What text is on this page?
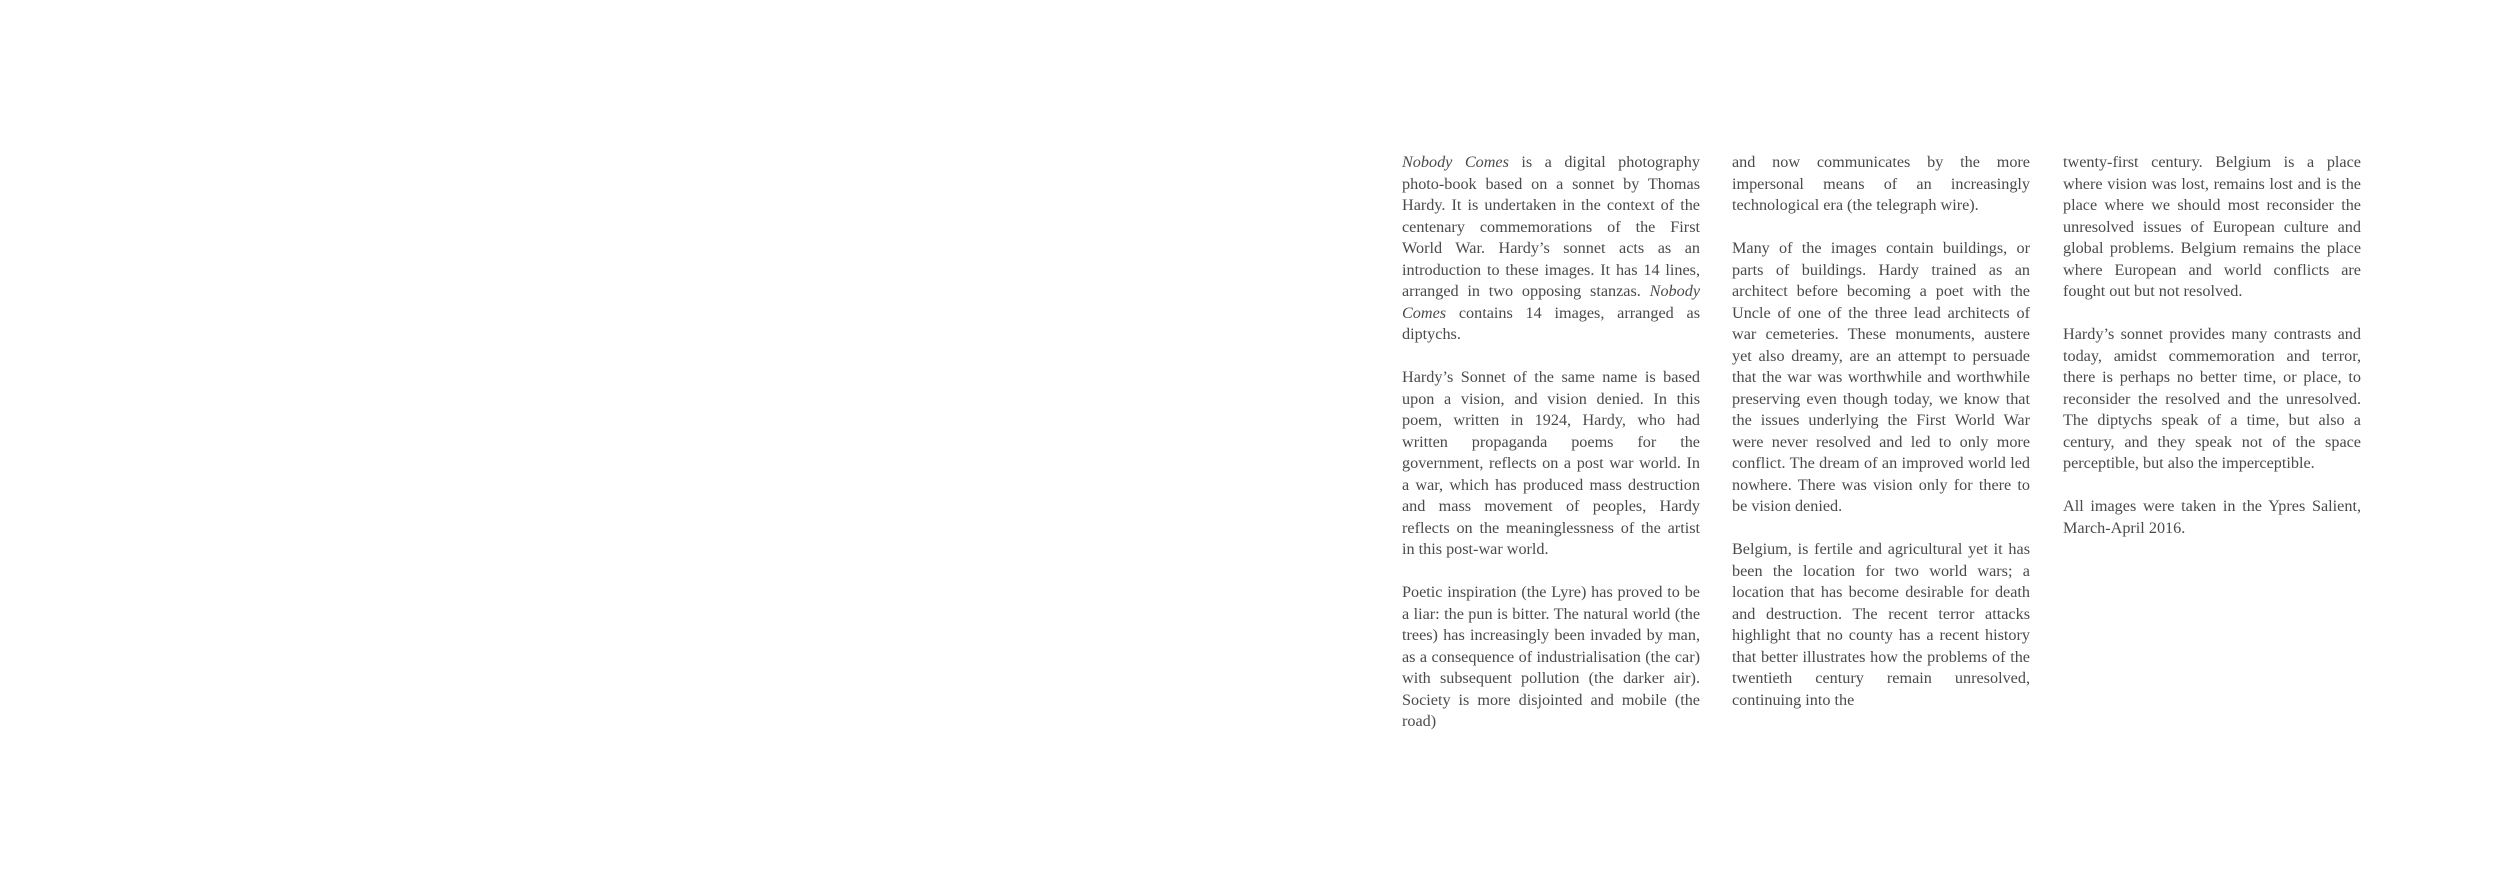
Nobody Comes is a digital photography photo-book based on a sonnet by Thomas Hardy. It is undertaken in the context of the centenary commemorations of the First World War. Hardy’s sonnet acts as an introduction to these images. It has 14 lines, arranged in two opposing stanzas. Nobody Comes contains 14 images, arranged as diptychs.

Hardy’s Sonnet of the same name is based upon a vision, and vision denied. In this poem, written in 1924, Hardy, who had written propaganda poems for the government, reflects on a post war world. In a war, which has produced mass destruction and mass movement of peoples, Hardy reflects on the meaninglessness of the artist in this post-war world.

Poetic inspiration (the Lyre) has proved to be a liar: the pun is bitter. The natural world (the trees) has increasingly been invaded by man, as a consequence of industrialisation (the car) with subsequent pollution (the darker air). Society is more disjointed and mobile (the road)

and now communicates by the more impersonal means of an increasingly technological era (the telegraph wire).

Many of the images contain buildings, or parts of buildings. Hardy trained as an architect before becoming a poet with the Uncle of one of the three lead architects of war cemeteries. These monuments, austere yet also dreamy, are an attempt to persuade that the war was worthwhile and worthwhile preserving even though today, we know that the issues underlying the First World War were never resolved and led to only more conflict. The dream of an improved world led nowhere. There was vision only for there to be vision denied.

Belgium, is fertile and agricultural yet it has been the location for two world wars; a location that has become desirable for death and destruction. The recent terror attacks highlight that no county has a recent history that better illustrates how the problems of the twentieth century remain unresolved, continuing into the

twenty-first century. Belgium is a place where vision was lost, remains lost and is the place where we should most reconsider the unresolved issues of European culture and global problems. Belgium remains the place where European and world conflicts are fought out but not resolved.

Hardy’s sonnet provides many contrasts and today, amidst commemoration and terror, there is perhaps no better time, or place, to reconsider the resolved and the unresolved. The diptychs speak of a time, but also a century, and they speak not of the space perceptible, but also the imperceptible.

All images were taken in the Ypres Salient, March-April 2016.
